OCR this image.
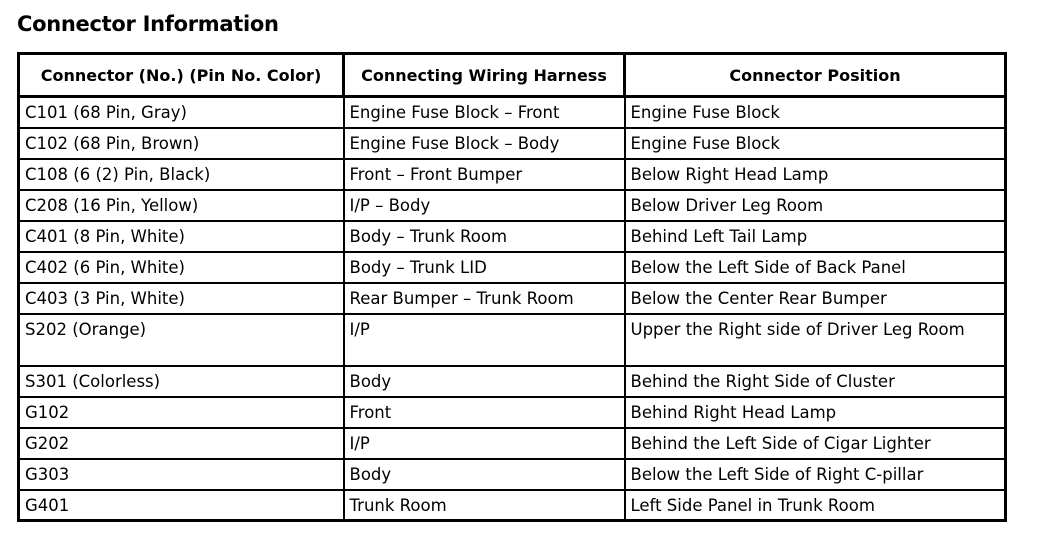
Connector Information
Connector (No.) (Pin No. Color)	Connecting Wiring Harness	Connector Position
C101 (68 Pin, Gray)	Engine Fuse Block – Front	Engine Fuse Block
C102 (68 Pin, Brown)	Engine Fuse Block – Body	Engine Fuse Block
C108 (6 (2) Pin, Black)	Front – Front Bumper	Below Right Head Lamp
C208 (16 Pin, Yellow)	I/P – Body	Below Driver Leg Room
C401 (8 Pin, White)	Body – Trunk Room	Behind Left Tail Lamp
C402 (6 Pin, White)	Body – Trunk LID	Below the Left Side of Back Panel
C403 (3 Pin, White)	Rear Bumper – Trunk Room	Below the Center Rear Bumper
S202 (Orange)	I/P	Upper the Right side of Driver Leg Room
S301 (Colorless)	Body	Behind the Right Side of Cluster
G102	Front	Behind Right Head Lamp
G202	I/P	Behind the Left Side of Cigar Lighter
G303	Body	Below the Left Side of Right C-pillar
G401	Trunk Room	Left Side Panel in Trunk Room
